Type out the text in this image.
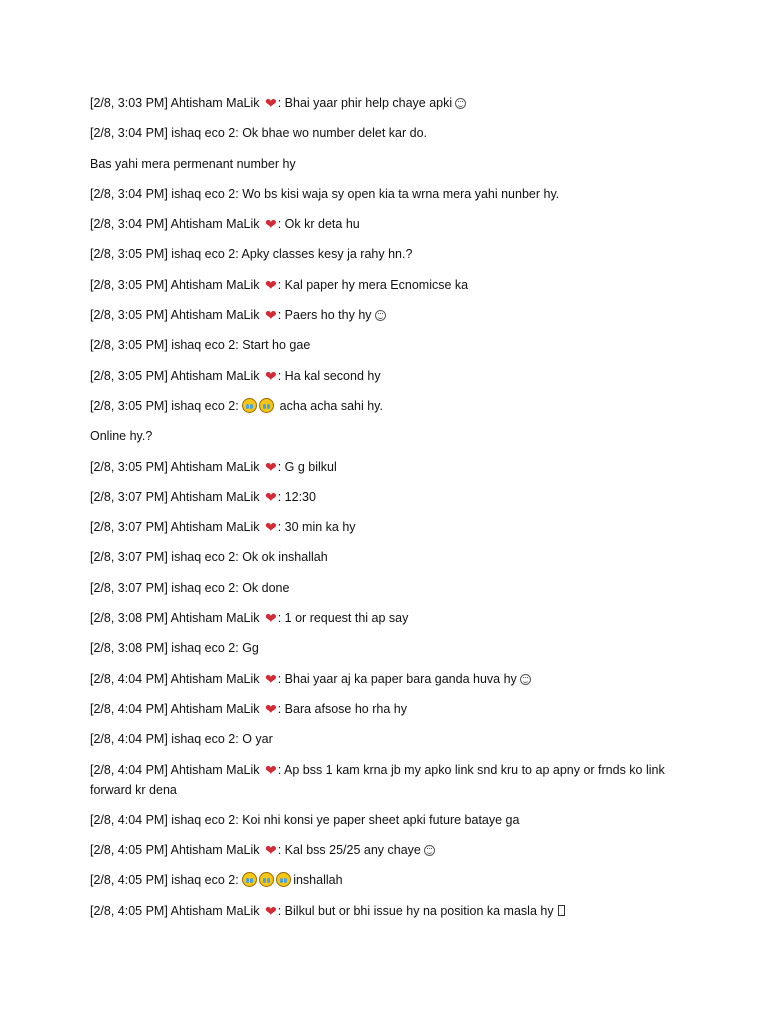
[2/8, 3:03 PM] Ahtisham MaLik ❤: Bhai yaar phir help chaye apki
[2/8, 3:04 PM] ishaq eco 2: Ok bhae wo number delet kar do.
Bas yahi mera permenant number hy
[2/8, 3:04 PM] ishaq eco 2: Wo bs kisi waja sy open kia ta wrna mera yahi nunber hy.
[2/8, 3:04 PM] Ahtisham MaLik ❤: Ok kr deta hu
[2/8, 3:05 PM] ishaq eco 2: Apky classes kesy ja rahy hn.?
[2/8, 3:05 PM] Ahtisham MaLik ❤: Kal paper hy mera Ecnomicse ka
[2/8, 3:05 PM] Ahtisham MaLik ❤: Paers ho thy hy
[2/8, 3:05 PM] ishaq eco 2: Start ho gae
[2/8, 3:05 PM] Ahtisham MaLik ❤: Ha kal second hy
[2/8, 3:05 PM] ishaq eco 2:	acha acha sahi hy.
Online hy.?
[2/8, 3:05 PM] Ahtisham MaLik ❤: G g bilkul
[2/8, 3:07 PM] Ahtisham MaLik ❤: 12:30
[2/8, 3:07 PM] Ahtisham MaLik ❤: 30 min ka hy
[2/8, 3:07 PM] ishaq eco 2: Ok ok inshallah
[2/8, 3:07 PM] ishaq eco 2: Ok done
[2/8, 3:08 PM] Ahtisham MaLik ❤: 1 or request thi ap say
[2/8, 3:08 PM] ishaq eco 2: Gg
[2/8, 4:04 PM] Ahtisham MaLik ❤: Bhai yaar aj ka paper bara ganda huva hy
[2/8, 4:04 PM] Ahtisham MaLik ❤: Bara afsose ho rha hy
[2/8, 4:04 PM] ishaq eco 2: O yar
[2/8, 4:04 PM] Ahtisham MaLik ❤: Ap bss 1 kam krna jb my apko link snd kru to ap apny or frnds ko link forward kr dena
[2/8, 4:04 PM] ishaq eco 2: Koi nhi konsi ye paper sheet apki future bataye ga
[2/8, 4:05 PM] Ahtisham MaLik ❤: Kal bss 25/25 any chaye
[2/8, 4:05 PM] ishaq eco 2:	inshallah
[2/8, 4:05 PM] Ahtisham MaLik ❤: Bilkul but or bhi issue hy na position ka masla hy
